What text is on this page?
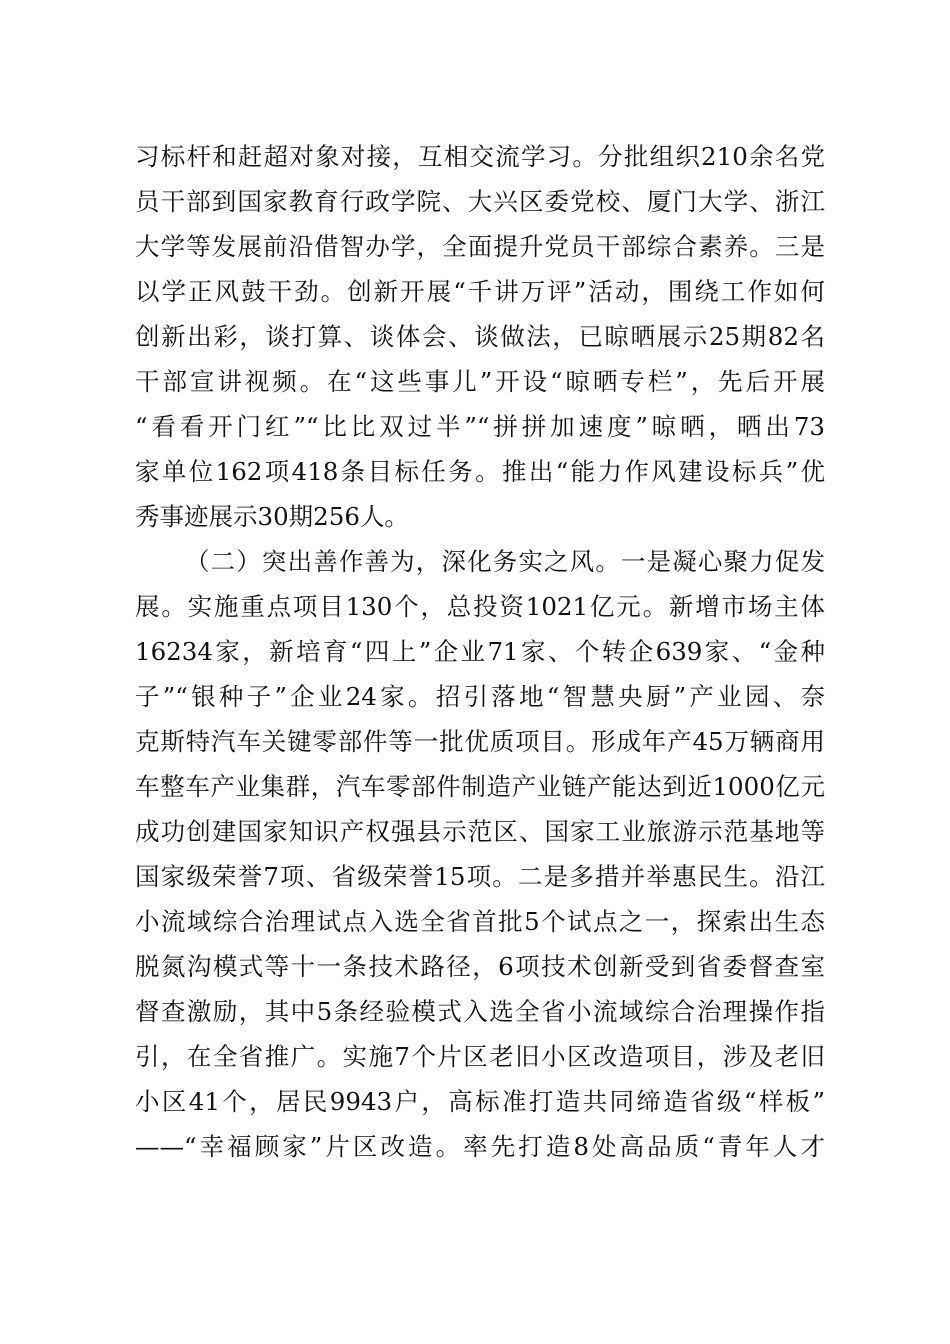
习标杆和赶超对象对接，互相交流学习。分批组织210余名党
员干部到国家教育行政学院、大兴区委党校、厦门大学、浙江
大学等发展前沿借智办学，全面提升党员干部综合素养。三是
以学正风鼓干劲。创新开展“千讲万评”活动，围绕工作如何
创新出彩，谈打算、谈体会、谈做法，已晾晒展示25期82名
干部宣讲视频。在“这些事儿”开设“晾晒专栏”，先后开展
“看看开门红”“比比双过半”“拼拼加速度”晾晒，晒出73
家单位162项418条目标任务。推出“能力作风建设标兵”优
秀事迹展示30期256人。
（二）突出善作善为，深化务实之风。一是凝心聚力促发
展。实施重点项目130个，总投资1021亿元。新增市场主体
16234家，新培育“四上”企业71家、个转企639家、“金种
子”“银种子”企业24家。招引落地“智慧央厨”产业园、奈
克斯特汽车关键零部件等一批优质项目。形成年产45万辆商用
车整车产业集群，汽车零部件制造产业链产能达到近1000亿元
成功创建国家知识产权强县示范区、国家工业旅游示范基地等
国家级荣誉7项、省级荣誉15项。二是多措并举惠民生。沿江
小流域综合治理试点入选全省首批5个试点之一，探索出生态
脱氮沟模式等十一条技术路径，6项技术创新受到省委督查室
督查激励，其中5条经验模式入选全省小流域综合治理操作指
引，在全省推广。实施7个片区老旧小区改造项目，涉及老旧
小区41个，居民9943户，高标准打造共同缔造省级“样板”
——“幸福顾家”片区改造。率先打造8处高品质“青年人才
